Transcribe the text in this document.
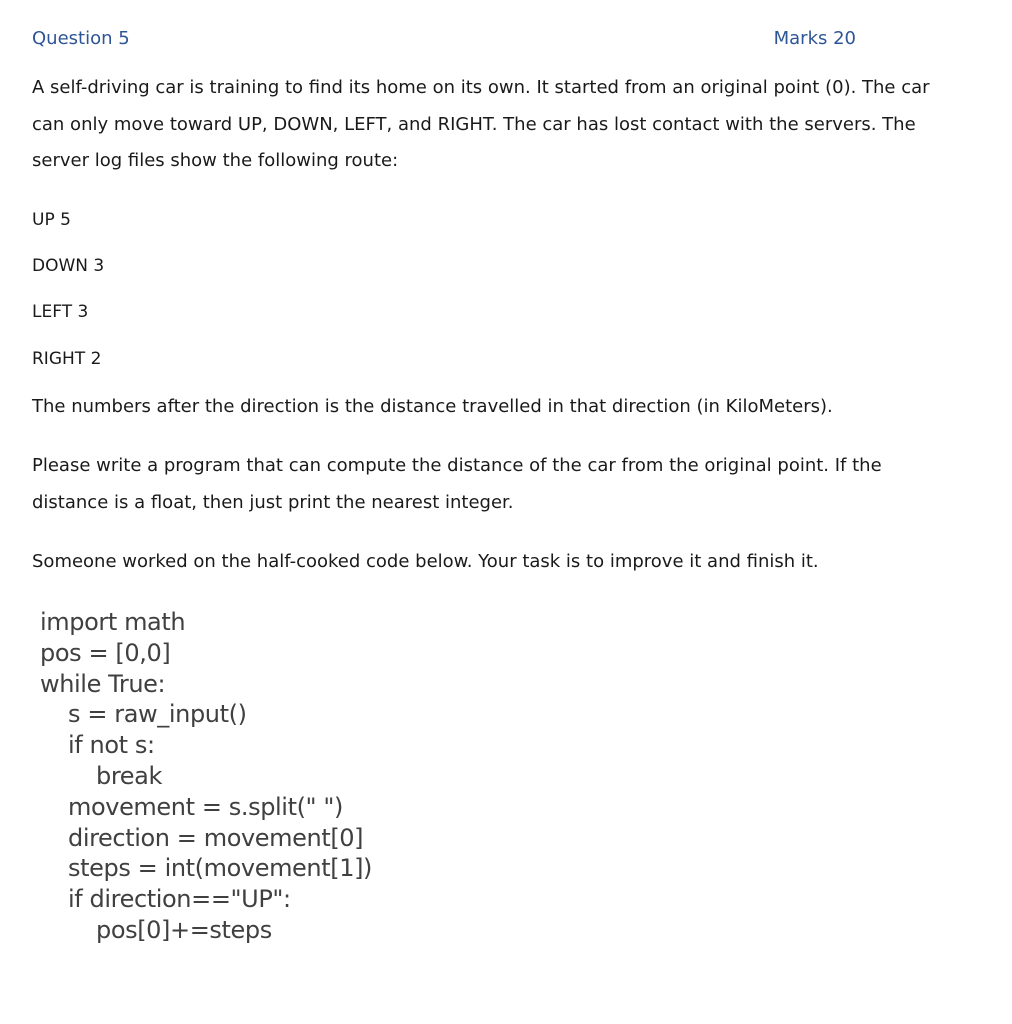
Question 5	Marks 20
A self-driving car is training to find its home on its own. It started from an original point (0). The car can only move toward UP, DOWN, LEFT, and RIGHT. The car has lost contact with the servers. The server log files show the following route:
UP 5
DOWN 3
LEFT 3
RIGHT 2
The numbers after the direction is the distance travelled in that direction (in KiloMeters).
Please write a program that can compute the distance of the car from the original point. If the distance is a float, then just print the nearest integer.
Someone worked on the half-cooked code below. Your task is to improve it and finish it.
import math
pos = [0,0]
while True:
s = raw_input()
if not s:
break
movement = s.split(" ")
direction = movement[0]
steps = int(movement[1])
if direction=="UP":
pos[0]+=steps
